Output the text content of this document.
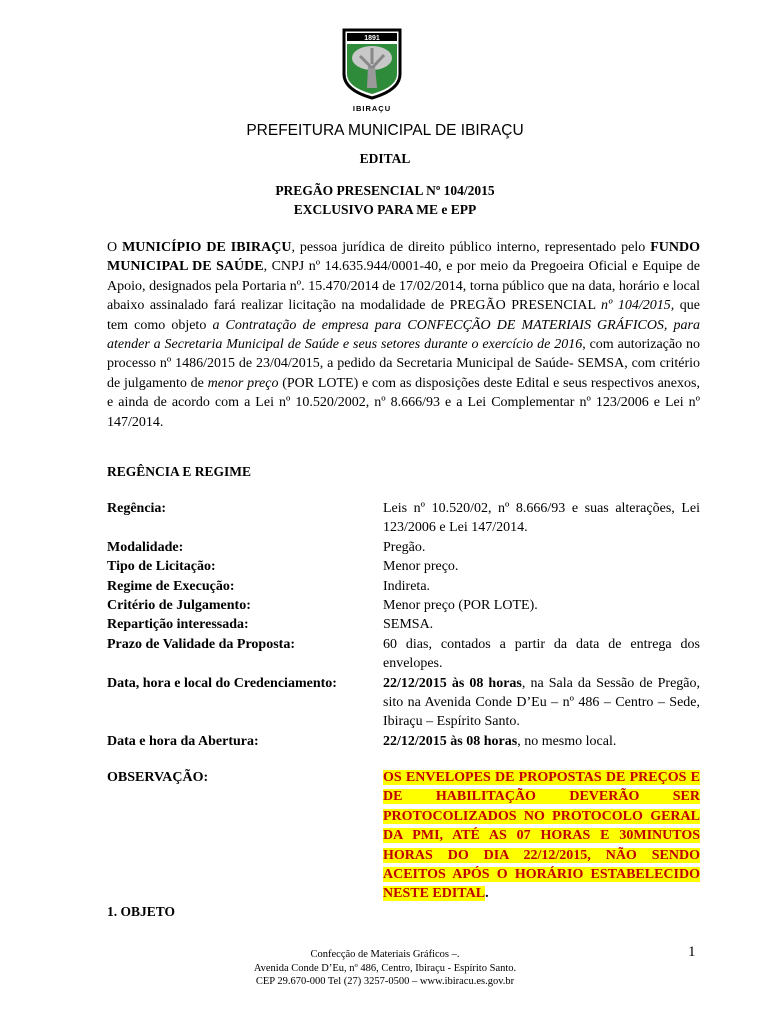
1891
IBIRAÇU
PREFEITURA MUNICIPAL DE IBIRAÇU
EDITAL
PREGÃO PRESENCIAL Nº 104/2015
EXCLUSIVO PARA ME e EPP
O MUNICÍPIO DE IBIRAÇU, pessoa jurídica de direito público interno, representado pelo FUNDO MUNICIPAL DE SAÚDE, CNPJ nº 14.635.944/0001-40, e por meio da Pregoeira Oficial e Equipe de Apoio, designados pela Portaria nº. 15.470/2014 de 17/02/2014, torna público que na data, horário e local abaixo assinalado fará realizar licitação na modalidade de PREGÃO PRESENCIAL nº 104/2015, que tem como objeto a Contratação de empresa para CONFECÇÃO DE MATERIAIS GRÁFICOS, para atender a Secretaria Municipal de Saúde e seus setores durante o exercício de 2016, com autorização no processo nº 1486/2015 de 23/04/2015, a pedido da Secretaria Municipal de Saúde- SEMSA, com critério de julgamento de menor preço (POR LOTE) e com as disposições deste Edital e seus respectivos anexos, e ainda de acordo com a Lei nº 10.520/2002, nº 8.666/93 e a Lei Complementar nº 123/2006 e Lei nº 147/2014.
REGÊNCIA E REGIME
Regência:	Leis nº 10.520/02, nº 8.666/93 e suas alterações, Lei 123/2006 e Lei 147/2014.
Modalidade:	Pregão.
Tipo de Licitação:	Menor preço.
Regime de Execução:	Indireta.
Critério de Julgamento:	Menor preço (POR LOTE).
Repartição interessada:	SEMSA.
Prazo de Validade da Proposta:	60 dias, contados a partir da data de entrega dos envelopes.
Data, hora e local do Credenciamento:	22/12/2015 às 08 horas, na Sala da Sessão de Pregão, sito na Avenida Conde D’Eu – nº 486 – Centro – Sede, Ibiraçu – Espírito Santo.
Data e hora da Abertura:	22/12/2015 às 08 horas, no mesmo local.
OBSERVAÇÃO:	OS ENVELOPES DE PROPOSTAS DE PREÇOS E DE HABILITAÇÃO DEVERÃO SER PROTOCOLIZADOS NO PROTOCOLO GERAL DA PMI, ATÉ AS 07 HORAS E 30MINUTOS HORAS DO DIA 22/12/2015, NÃO SENDO ACEITOS APÓS O HORÁRIO ESTABELECIDO NESTE EDITAL.
1. OBJETO
Confecção de Materiais Gráficos –.
Avenida Conde D’Eu, nº 486, Centro, Ibiraçu - Espírito Santo.
CEP 29.670-000 Tel (27) 3257-0500 – www.ibiracu.es.gov.br
1
